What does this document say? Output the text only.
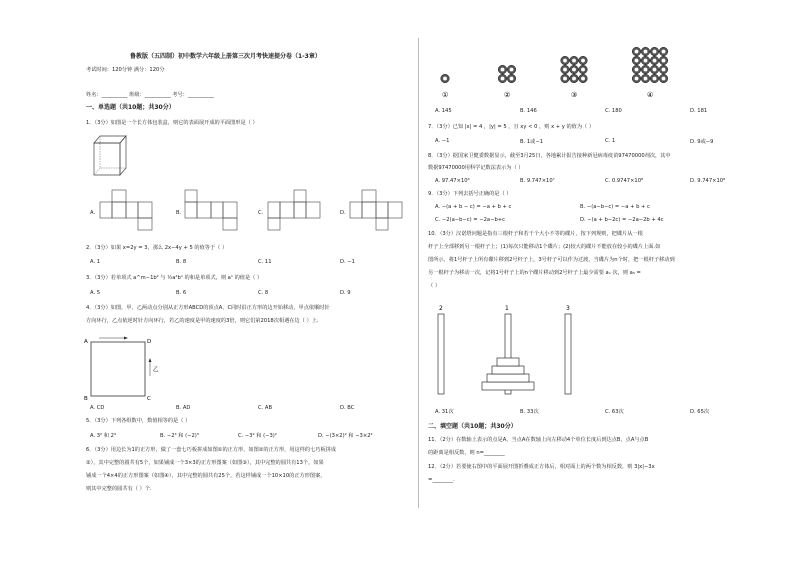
鲁教版（五四制）初中数学六年级上册第三次月考快速提分卷（1-3章）
考试时间：120分钟 满分：120分
姓名：__________ 班级：__________ 考号：__________
一、单选题（共10题；共30分）
1．（3分）如图是一个长方体包装盒，则它的表面展开成的平面图形是（ ）
A.	B.	C.	D.
2．（3分）如果 x=2y = 3，那么 2x−4y + 5 的值等于（ ）
A. 1	B. 8	C. 11	D. −1
3．（3分）若单项式 a^m−1b² 与 ½a²bⁿ 的和是单项式，则 aⁿ 的值是（ ）
A. 5	B. 6	C. 8	D. 9
4．（3分）如图，甲、乙两动点分别从正方形ABCD的顶点A、C同时沿正方形的边开始移动，甲点依顺时针
方向环行，乙点依逆时针方向环行，若乙的速度是甲的速度的3倍，则它们第2018次相遇在边（ ）上.
A
B	C
D
乙
A. CD	B. AD	C. AB	D. BC
5．（3分）下列各组数中，数值相等的是（ ）
A. 3² 和 2³	B. −2³ 和 (−2)³	C. −3² 和 (−3)²	D. −(3×2)² 和 −3×2²
6．（3分）用边长为1的正方形，做了一套七巧板拼成如图①的正方形，如图②的正方形，用这样的七巧板拼成
②），其中完整的圆共有5个，如果铺成一个3×3的正方形图案（如图③），其中完整的圆共有13个，如果
铺成一个4×4的正方形图案（如图④），其中完整的圆共有25个，若这样铺成一个10×10的正方形图案，
则其中完整的圆共有（ ）个.
①	②	③	④
A. 145	B. 146	C. 180	D. 181
7．（3分）已知 |x| = 4 ，|y| = 5 ，且 xy < 0 ，则 x + y 的值为（ ）
A. −1	B. 1或−1	C. 1	D. 9或−9
8．（3分）据国家卫健委数据显示，截至3月25日，各地累计报告接种新冠病毒疫苗97470000剂次，其中
数据97470000用科学记数法表示为（ ）
A. 97.47×10⁶	B. 9.747×10⁷	C. 0.9747×10⁸	D. 9.747×10⁸
9．（3分）下列去括号正确的是（ ）
A. −(a + b − c) = −a + b + c	B. −(a−b−c) = −a + b + c
C. −2(a−b−c) = −2a−b+c	D. −(a + b−2c) = −2a−2b + 4c
10．（3分）汉诺塔问题是指有三根杆子和若干个大小不等的碟片，按下列规则，把碟片从一根
杆子上全部移到另一根杆子上；(1)每次只能移动1个碟片；(2)较大的碟片不能放在较小的碟片上面.如
图所示，将1号杆子上所有碟片移到2号杆子上，3号杆子可以作为过渡，当碟片为n个时，把一根杆子移动到
另一根杆子为移动一次，记将1号杆子上的n个碟片移动到2号杆子上最少需要 aₙ 次，则 a₅ =
（ ）
2	1	3
A. 31次	B. 33次	C. 63次	D. 65次
二、填空题（共10题；共30分）
11．（2分）在数轴上表示的点是A，当点A在数轴上向左移动4个单位长度后到达点B，点A与点B
的距离是相反数，则 n=________
12．（2分）若要使右图中的平面展开图折叠成正方体后，相对面上的两个数为相反数，则 3|x|−3x
=________.
